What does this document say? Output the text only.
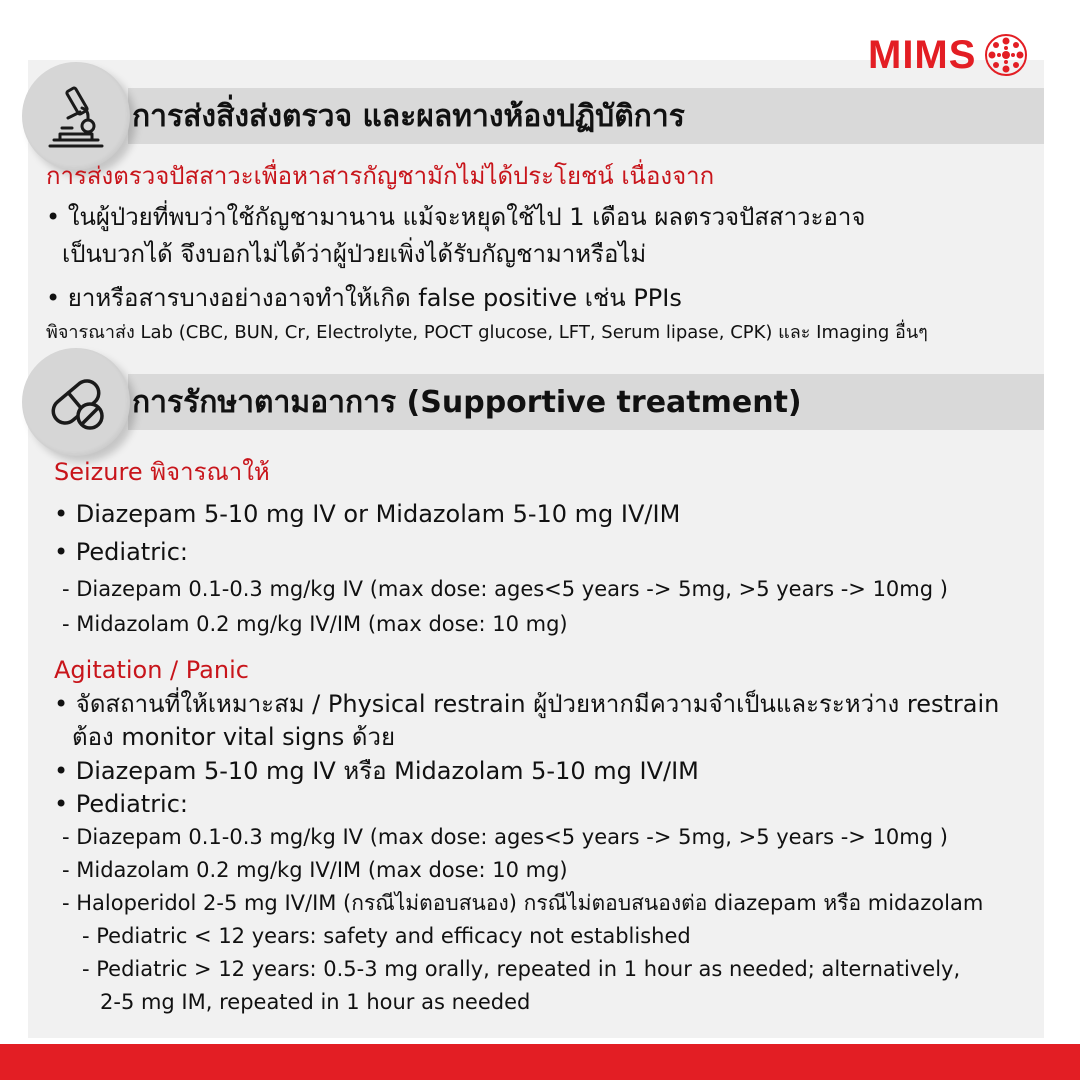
MIMS
การส่งสิ่งส่งตรวจ และผลทางห้องปฏิบัติการ

การส่งตรวจปัสสาวะเพื่อหาสารกัญชามักไม่ได้ประโยชน์ เนื่องจาก

• ในผู้ป่วยที่พบว่าใช้กัญชามานาน แม้จะหยุดใช้ไป 1 เดือน ผลตรวจปัสสาวะอาจ

เป็นบวกได้ จึงบอกไม่ได้ว่าผู้ป่วยเพิ่งได้รับกัญชามาหรือไม่

• ยาหรือสารบางอย่างอาจทำให้เกิด false positive เช่น PPIs

พิจารณาส่ง Lab (CBC, BUN, Cr, Electrolyte, POCT glucose, LFT, Serum lipase, CPK) และ Imaging อื่นๆ

การรักษาตามอาการ (Supportive treatment)

Seizure พิจารณาให้

• Diazepam 5-10 mg IV or Midazolam 5-10 mg IV/IM

• Pediatric:

- Diazepam 0.1-0.3 mg/kg IV (max dose: ages<5 years -> 5mg, >5 years -> 10mg )

- Midazolam 0.2 mg/kg IV/IM (max dose: 10 mg)

Agitation / Panic

• จัดสถานที่ให้เหมาะสม / Physical restrain ผู้ป่วยหากมีความจำเป็นและระหว่าง restrain

ต้อง monitor vital signs ด้วย

• Diazepam 5-10 mg IV หรือ Midazolam 5-10 mg IV/IM

• Pediatric:

- Diazepam 0.1-0.3 mg/kg IV (max dose: ages<5 years -> 5mg, >5 years -> 10mg )

- Midazolam 0.2 mg/kg IV/IM (max dose: 10 mg)

- Haloperidol 2-5 mg IV/IM (กรณีไม่ตอบสนอง) กรณีไม่ตอบสนองต่อ diazepam หรือ midazolam

- Pediatric < 12 years: safety and efficacy not established

- Pediatric > 12 years: 0.5-3 mg orally, repeated in 1 hour as needed; alternatively,

2-5 mg IM, repeated in 1 hour as needed
